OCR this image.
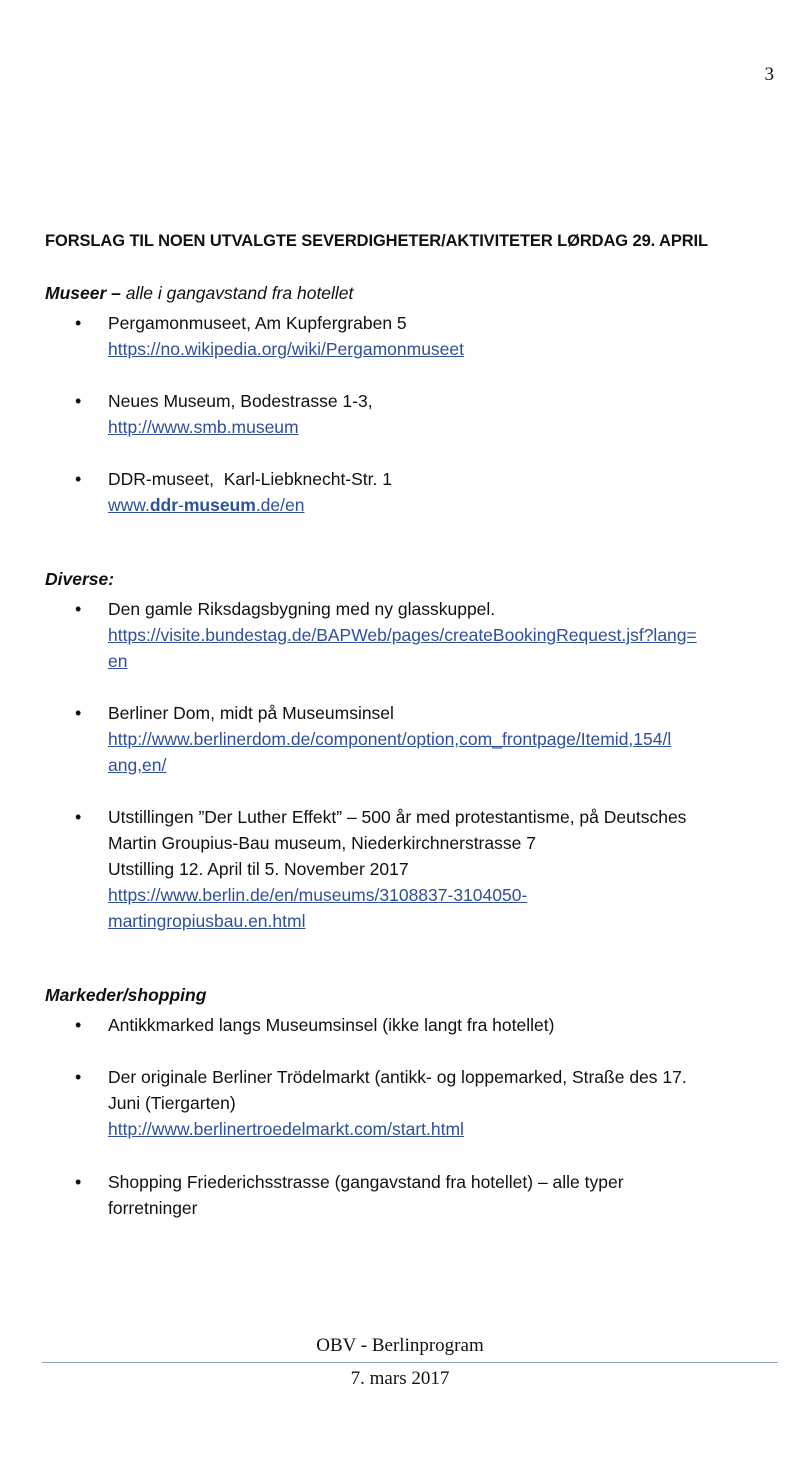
3
FORSLAG TIL NOEN UTVALGTE SEVERDIGHETER/AKTIVITETER LØRDAG 29. APRIL
Museer – alle i gangavstand fra hotellet
• Pergamonmuseet, Am Kupfergraben 5
https://no.wikipedia.org/wiki/Pergamonmuseet
• Neues Museum, Bodestrasse 1-3,
http://www.smb.museum
• DDR-museet,  Karl-Liebknecht-Str. 1
www.ddr-museum.de/en
Diverse:
• Den gamle Riksdagsbygning med ny glasskuppel.
https://visite.bundestag.de/BAPWeb/pages/createBookingRequest.jsf?lang=
en
• Berliner Dom, midt på Museumsinsel
http://www.berlinerdom.de/component/option,com_frontpage/Itemid,154/l
ang,en/
• Utstillingen ”Der Luther Effekt” – 500 år med protestantisme, på Deutsches
Martin Groupius-Bau museum, Niederkirchnerstrasse 7
Utstilling 12. April til 5. November 2017
https://www.berlin.de/en/museums/3108837-3104050-
martingropiusbau.en.html
Markeder/shopping
• Antikkmarked langs Museumsinsel (ikke langt fra hotellet)
• Der originale Berliner Trödelmarkt (antikk- og loppemarked, Straße des 17.
Juni (Tiergarten)
http://www.berlinertroedelmarkt.com/start.html
• Shopping Friederichsstrasse (gangavstand fra hotellet) – alle typer
forretninger
OBV - Berlinprogram
7. mars 2017
